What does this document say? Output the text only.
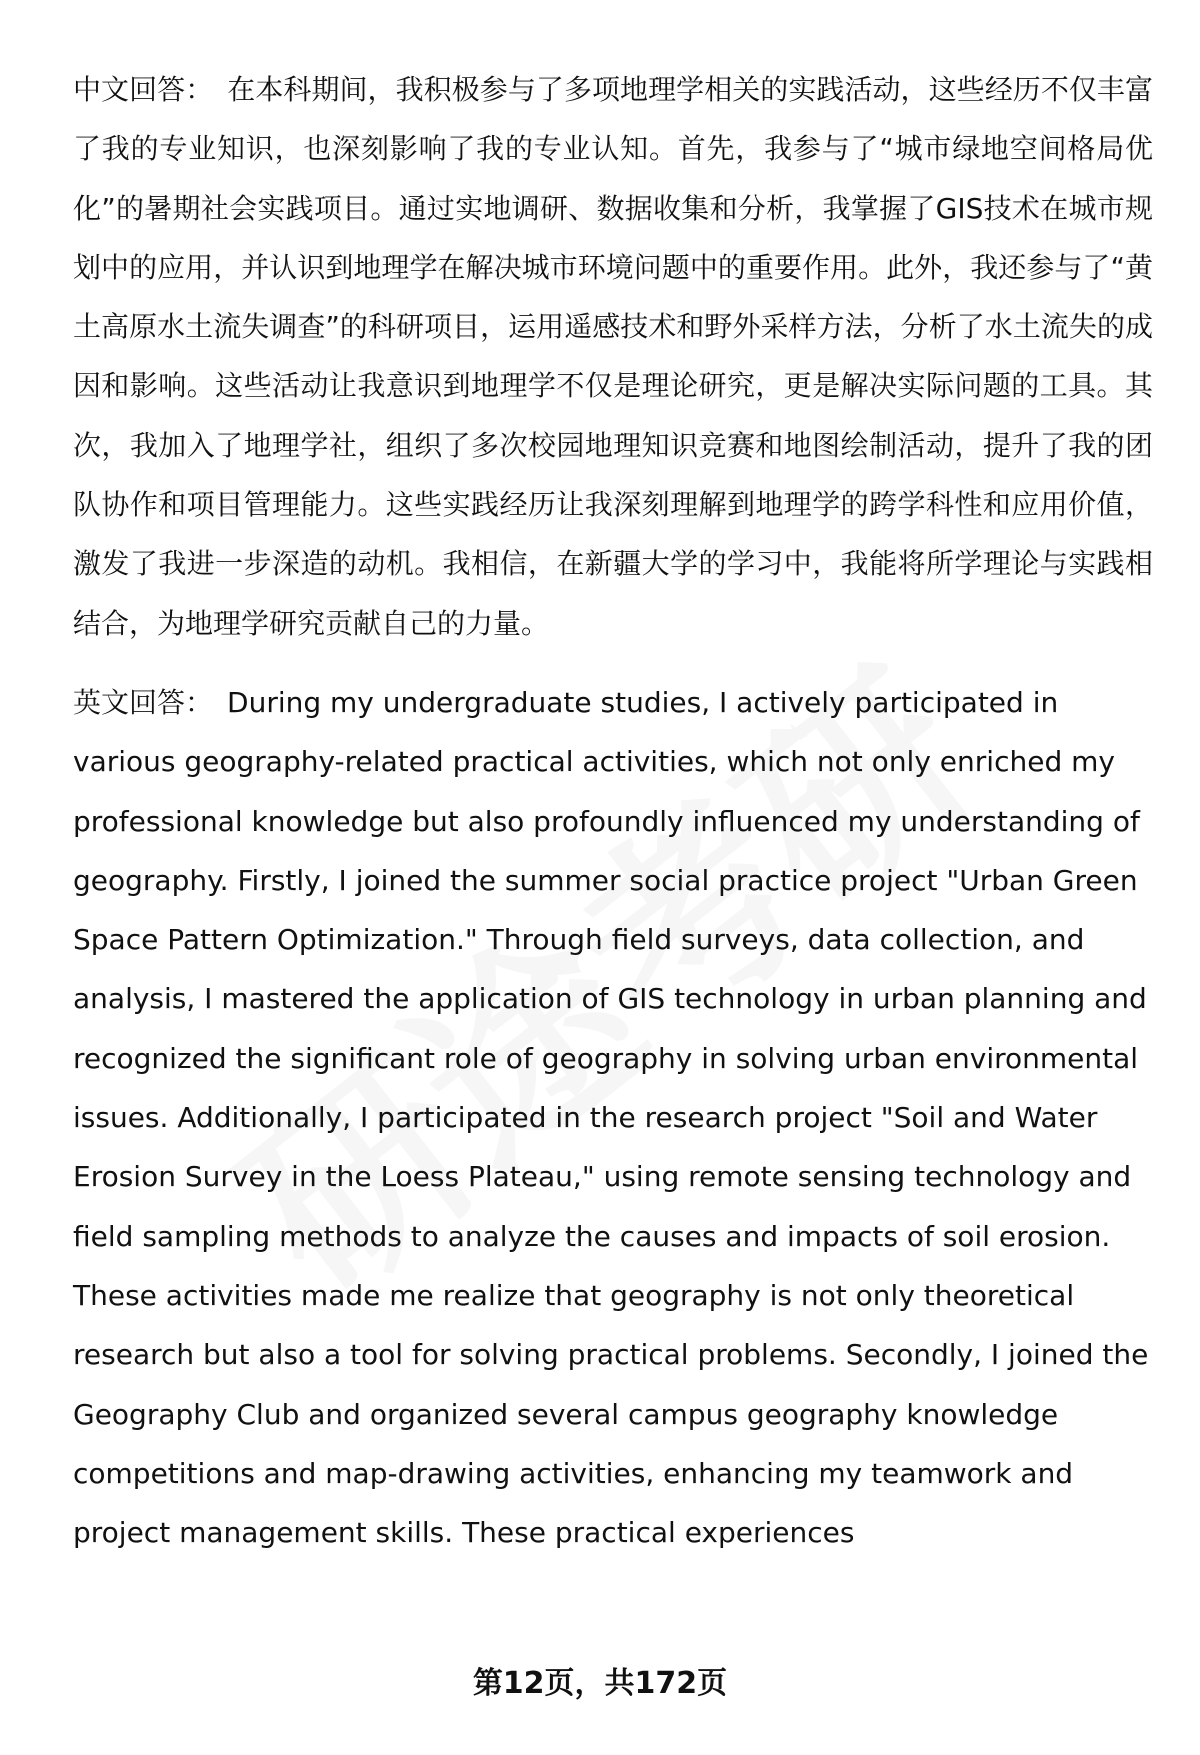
中文回答： 在本科期间，我积极参与了多项地理学相关的实践活动，这些经历不仅丰富了我的专业知识，也深刻影响了我的专业认知。首先，我参与了“城市绿地空间格局优化”的暑期社会实践项目。通过实地调研、数据收集和分析，我掌握了GIS技术在城市规划中的应用，并认识到地理学在解决城市环境问题中的重要作用。此外，我还参与了“黄土高原水土流失调查”的科研项目，运用遥感技术和野外采样方法，分析了水土流失的成因和影响。这些活动让我意识到地理学不仅是理论研究，更是解决实际问题的工具。其次，我加入了地理学社，组织了多次校园地理知识竞赛和地图绘制活动，提升了我的团队协作和项目管理能力。这些实践经历让我深刻理解到地理学的跨学科性和应用价值，激发了我进一步深造的动机。我相信，在新疆大学的学习中，我能将所学理论与实践相结合，为地理学研究贡献自己的力量。

英文回答： During my undergraduate studies, I actively participated in various geography-related practical activities, which not only enriched my professional knowledge but also profoundly influenced my understanding of geography. Firstly, I joined the summer social practice project "Urban Green Space Pattern Optimization." Through field surveys, data collection, and analysis, I mastered the application of GIS technology in urban planning and recognized the significant role of geography in solving urban environmental issues. Additionally, I participated in the research project "Soil and Water Erosion Survey in the Loess Plateau," using remote sensing technology and field sampling methods to analyze the causes and impacts of soil erosion. These activities made me realize that geography is not only theoretical research but also a tool for solving practical problems. Secondly, I joined the Geography Club and organized several campus geography knowledge competitions and map-drawing activities, enhancing my teamwork and project management skills. These practical experiences

第12页，共172页
